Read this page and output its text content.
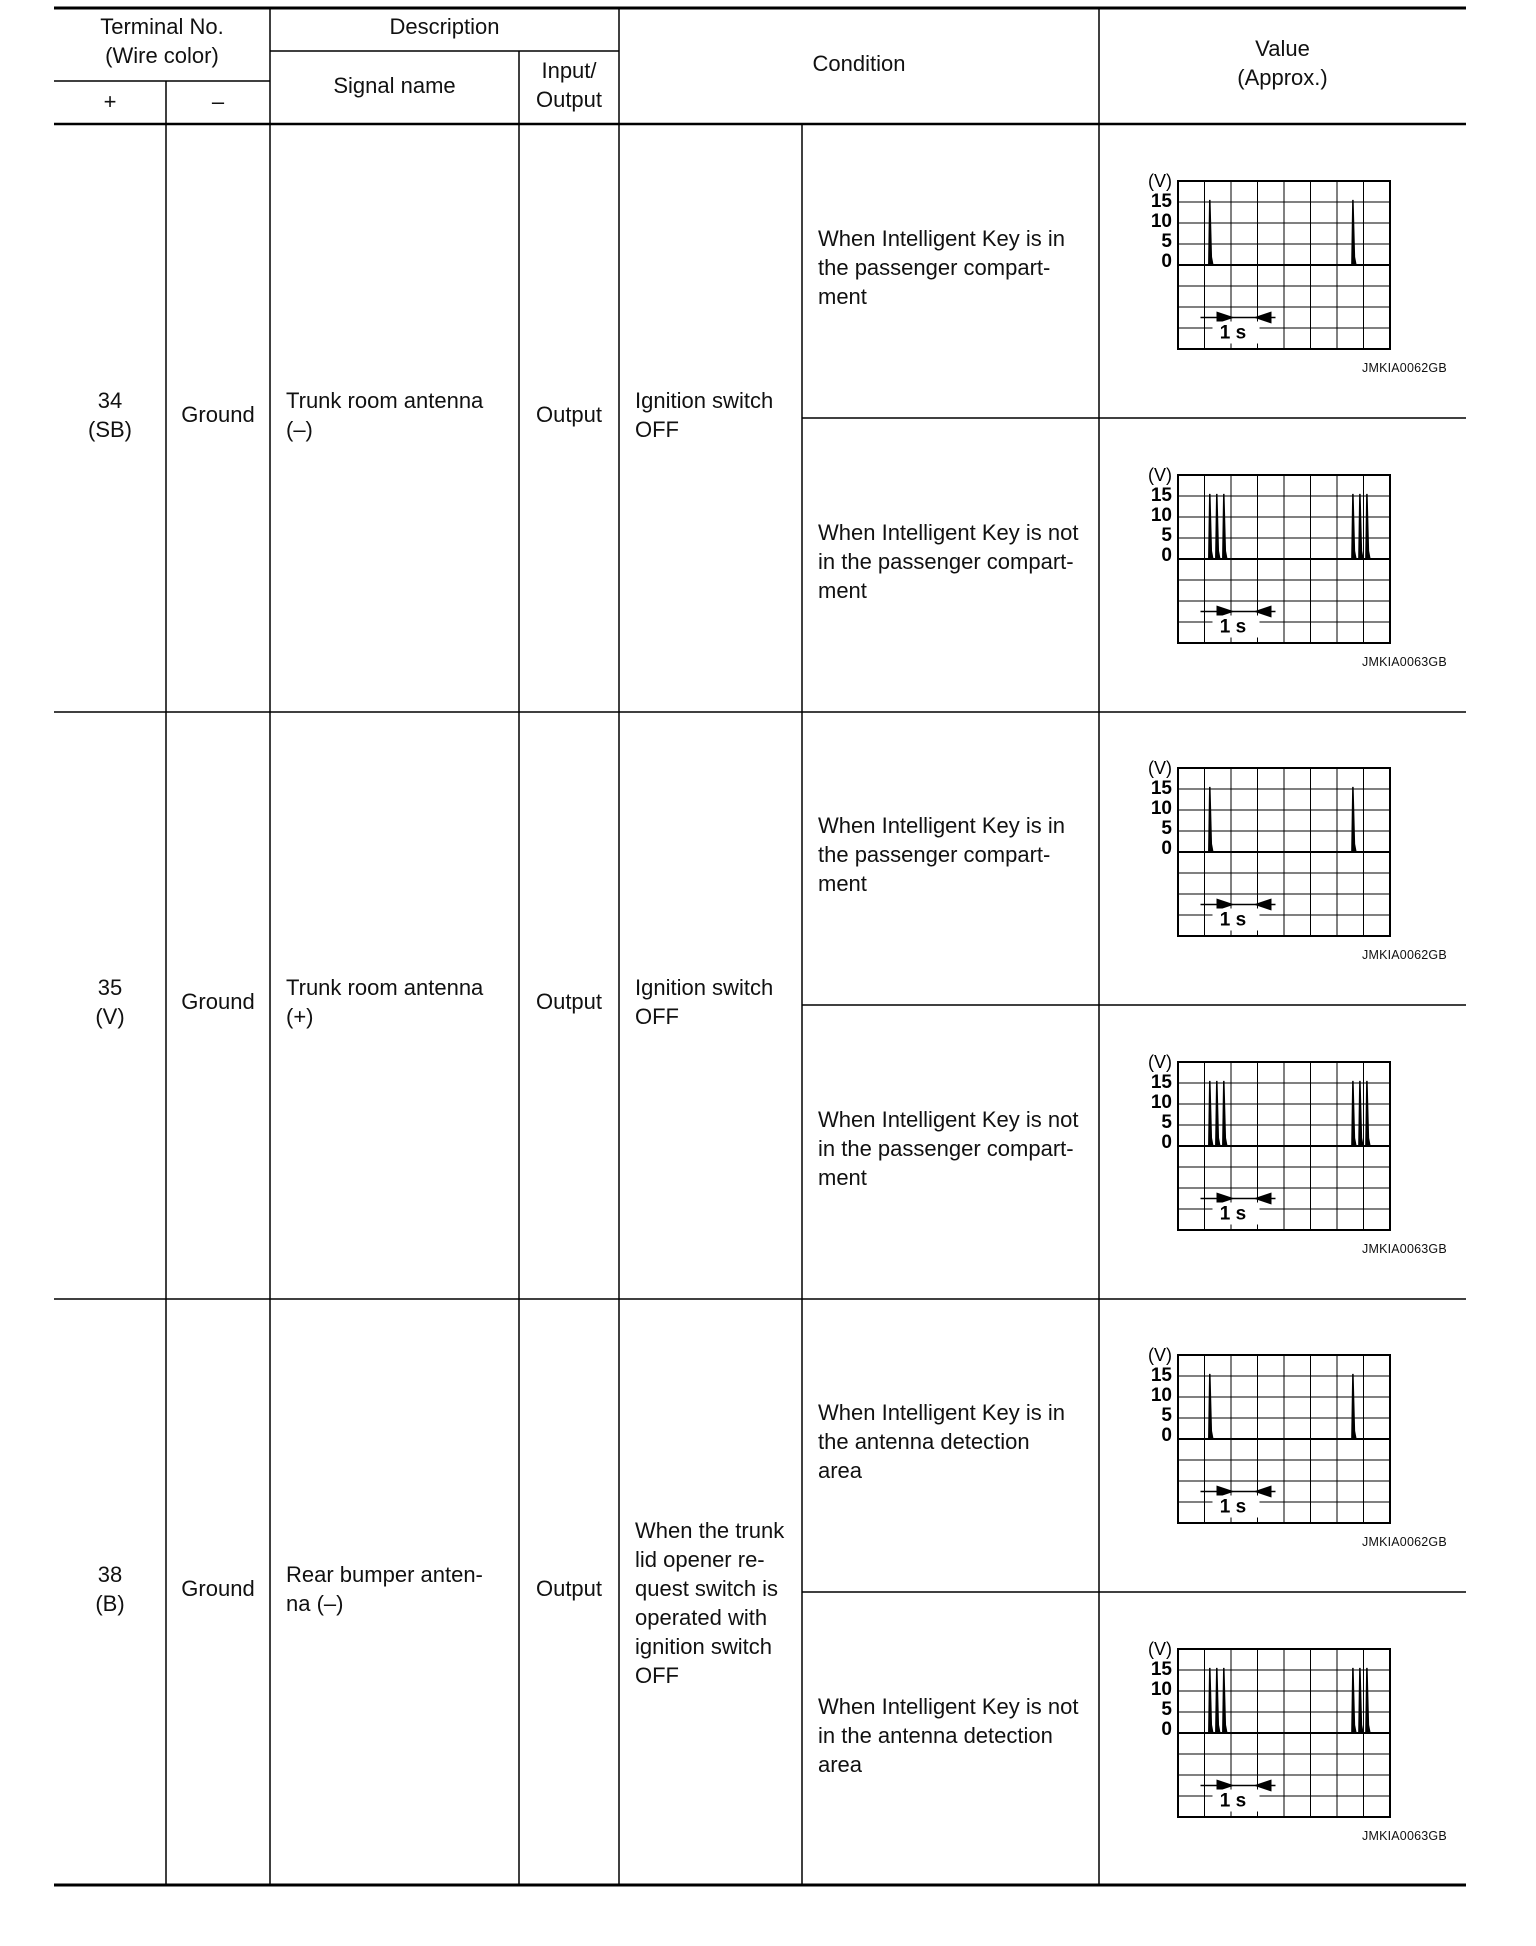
Terminal No.
(Wire color)
+	–
Description
Signal name
Input/
Output
Condition
Value
(Approx.)
34
(SB)
Ground
Trunk room antenna
(–)
Output
Ignition switch
OFF
When Intelligent Key is in
the passenger compart-
ment
When Intelligent Key is not
in the passenger compart-
ment
(V)
15
10
5
0
1 s
(V)
15
10
5
0
1 s
JMKIA0062GB
JMKIA0063GB
35
(V)
Ground
Trunk room antenna
(+)
Output
Ignition switch
OFF
When Intelligent Key is in
the passenger compart-
ment
When Intelligent Key is not
in the passenger compart-
ment
(V)
15
10
5
0
1 s
(V)
15
10
5
0
1 s
JMKIA0062GB
JMKIA0063GB
38
(B)
Ground
Rear bumper anten-
na (–)
Output
When the trunk
lid opener re-
quest switch is
operated with
ignition switch
OFF
When Intelligent Key is in
the antenna detection
area
When Intelligent Key is not
in the antenna detection
area
(V)
15
10
5
0
1 s
(V)
15
10
5
0
1 s
JMKIA0062GB
JMKIA0063GB
